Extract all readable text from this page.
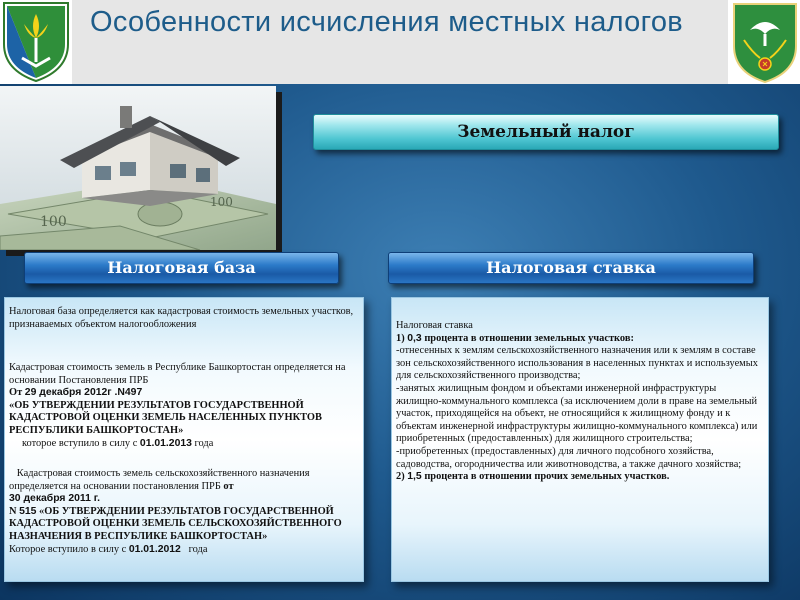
Особенности исчисления местных налогов
100
100
Земельный налог
Налоговая база	Налоговая ставка

Налоговая база определяется как кадастровая стоимость земельных участков, признаваемых объектом налогообложения

Кадастровая стоимость земель в Республике Башкортостан определяется на основании Постановления ПРБ

От 29 декабря 2012г .N497

«ОБ УТВЕРЖДЕНИИ РЕЗУЛЬТАТОВ ГОСУДАРСТВЕННОЙ КАДАСТРОВОЙ ОЦЕНКИ ЗЕМЕЛЬ НАСЕЛЕННЫХ ПУНКТОВ РЕСПУБЛИКИ БАШКОРТОСТАН»

которое вступило в силу с 01.01.2013 года

Кадастровая стоимость земель сельскохозяйственного назначения определяется на основании постановления ПРБ от

30 декабря 2011 г.

N 515 «ОБ УТВЕРЖДЕНИИ РЕЗУЛЬТАТОВ ГОСУДАРСТВЕННОЙ КАДАСТРОВОЙ ОЦЕНКИ ЗЕМЕЛЬ СЕЛЬСКОХОЗЯЙСТВЕННОГО НАЗНАЧЕНИЯ В РЕСПУБЛИКЕ БАШКОРТОСТАН»

Которое вступило в силу с 01.01.2012   года

Налоговая ставка

1) 0,3 процента в отношении земельных участков:

-отнесенных к землям сельскохозяйственного назначения или к землям в составе зон сельскохозяйственного использования в населенных пунктах и используемых для сельскохозяйственного производства;

-занятых жилищным фондом и объектами инженерной инфраструктуры жилищно-коммунального комплекса (за исключением доли в праве на земельный участок, приходящейся на объект, не относящийся к жилищному фонду и к объектам инженерной инфраструктуры жилищно-коммунального комплекса) или приобретенных (предоставленных) для жилищного строительства;

-приобретенных (предоставленных) для личного подсобного хозяйства, садоводства, огородничества или животноводства, а также дачного хозяйства;

2) 1,5 процента в отношении прочих земельных участков.
